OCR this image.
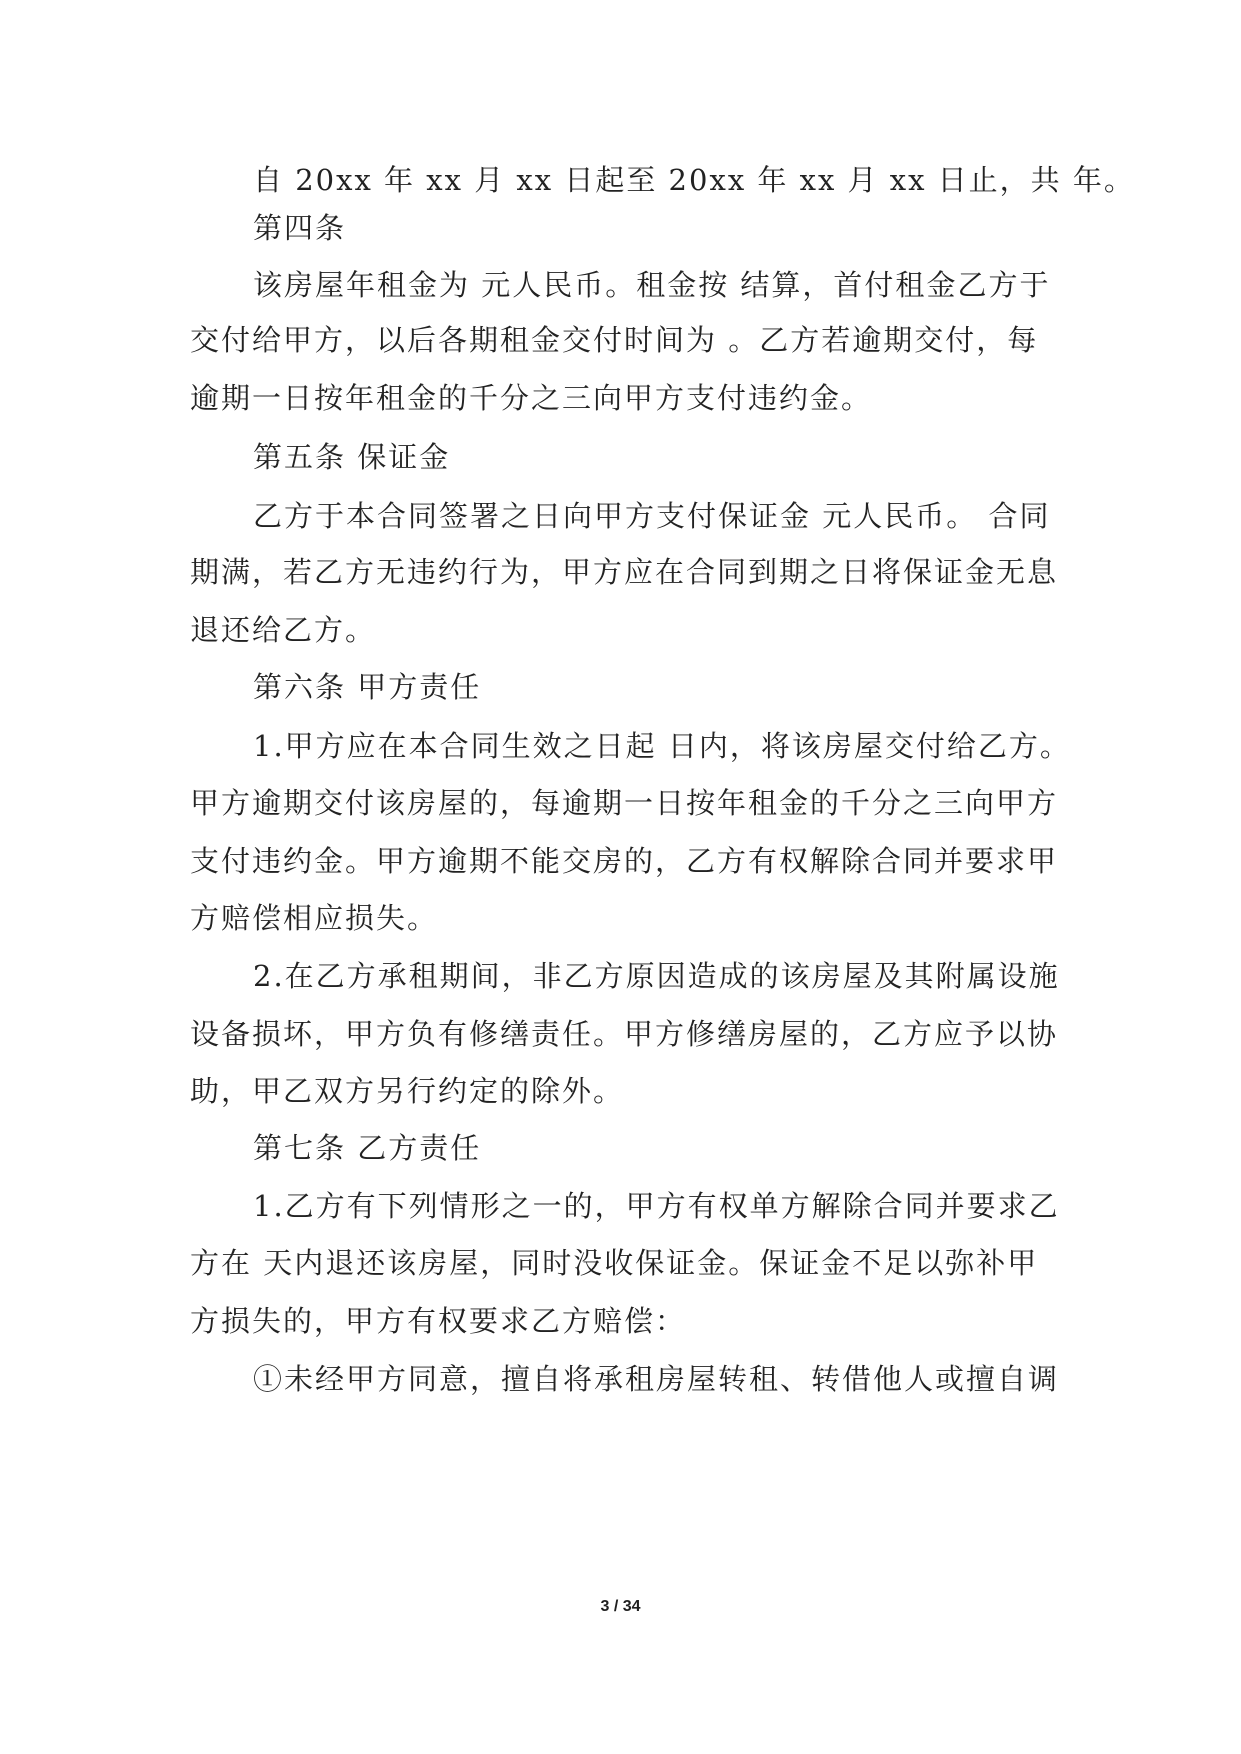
自 20xx 年 xx 月 xx 日起至 20xx 年 xx 月 xx 日止，共 年。
第四条
该房屋年租金为 元人民币。租金按 结算，首付租金乙方于
交付给甲方，以后各期租金交付时间为 。乙方若逾期交付，每
逾期一日按年租金的千分之三向甲方支付违约金。
第五条 保证金
乙方于本合同签署之日向甲方支付保证金 元人民币。 合同
期满，若乙方无违约行为，甲方应在合同到期之日将保证金无息
退还给乙方。
第六条 甲方责任
1.甲方应在本合同生效之日起 日内，将该房屋交付给乙方。
甲方逾期交付该房屋的，每逾期一日按年租金的千分之三向甲方
支付违约金。甲方逾期不能交房的，乙方有权解除合同并要求甲
方赔偿相应损失。
2.在乙方承租期间，非乙方原因造成的该房屋及其附属设施
设备损坏，甲方负有修缮责任。甲方修缮房屋的，乙方应予以协
助，甲乙双方另行约定的除外。
第七条 乙方责任
1.乙方有下列情形之一的，甲方有权单方解除合同并要求乙
方在 天内退还该房屋，同时没收保证金。保证金不足以弥补甲
方损失的，甲方有权要求乙方赔偿：
①未经甲方同意，擅自将承租房屋转租、转借他人或擅自调
3 / 34
